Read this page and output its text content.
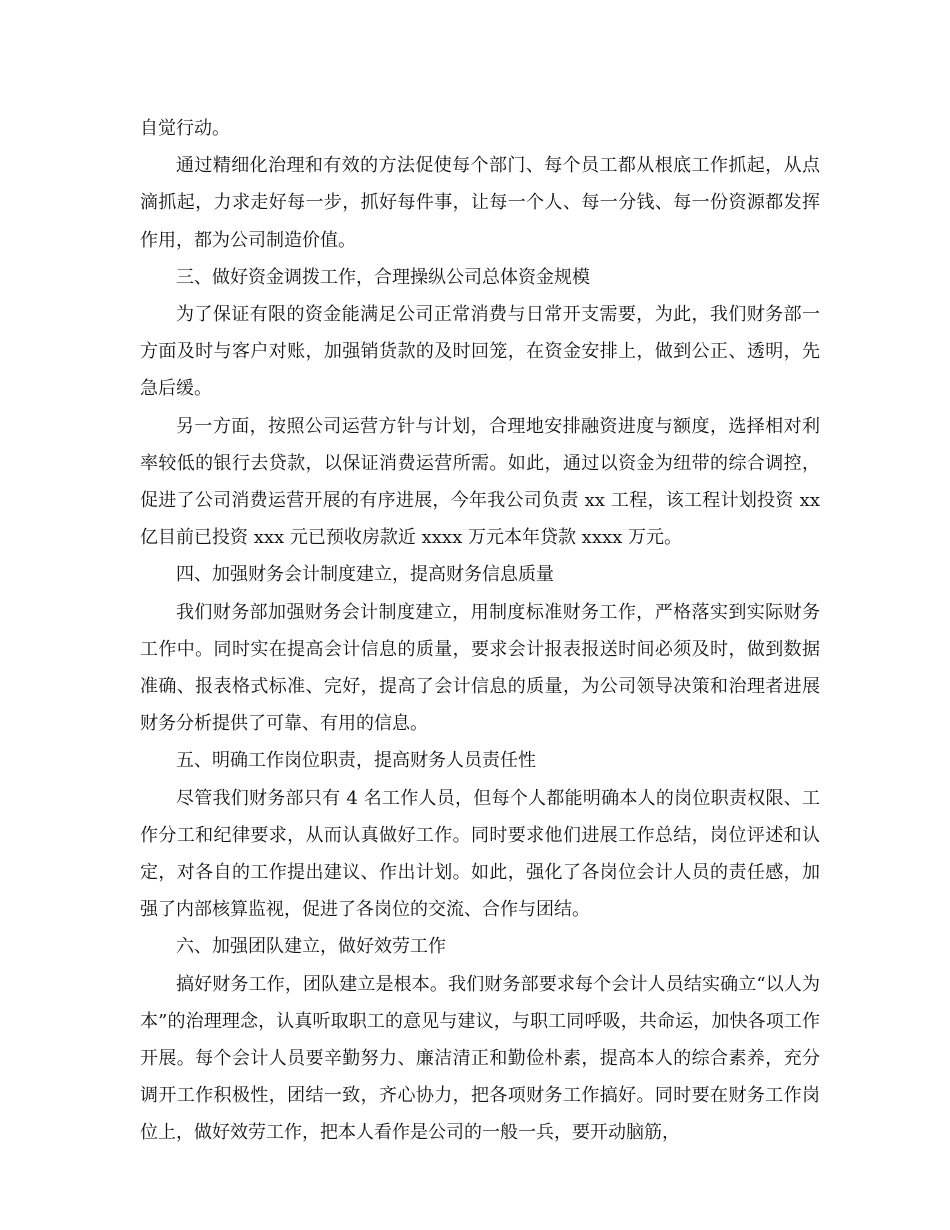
自觉行动。

通过精细化治理和有效的方法促使每个部门、每个员工都从根底工作抓起，从点滴抓起，力求走好每一步，抓好每件事，让每一个人、每一分钱、每一份资源都发挥作用，都为公司制造价值。

三、做好资金调拨工作，合理操纵公司总体资金规模

为了保证有限的资金能满足公司正常消费与日常开支需要，为此，我们财务部一方面及时与客户对账，加强销货款的及时回笼，在资金安排上，做到公正、透明，先急后缓。

另一方面，按照公司运营方针与计划，合理地安排融资进度与额度，选择相对利率较低的银行去贷款，以保证消费运营所需。如此，通过以资金为纽带的综合调控，促进了公司消费运营开展的有序进展，今年我公司负责 xx 工程，该工程计划投资 xx 亿目前已投资 xxx 元已预收房款近 xxxx 万元本年贷款 xxxx 万元。

四、加强财务会计制度建立，提高财务信息质量

我们财务部加强财务会计制度建立，用制度标准财务工作，严格落实到实际财务工作中。同时实在提高会计信息的质量，要求会计报表报送时间必须及时，做到数据准确、报表格式标准、完好，提高了会计信息的质量，为公司领导决策和治理者进展财务分析提供了可靠、有用的信息。

五、明确工作岗位职责，提高财务人员责任性

尽管我们财务部只有 4 名工作人员，但每个人都能明确本人的岗位职责权限、工作分工和纪律要求，从而认真做好工作。同时要求他们进展工作总结，岗位评述和认定，对各自的工作提出建议、作出计划。如此，强化了各岗位会计人员的责任感，加强了内部核算监视，促进了各岗位的交流、合作与团结。

六、加强团队建立，做好效劳工作

搞好财务工作，团队建立是根本。我们财务部要求每个会计人员结实确立“以人为本”的治理理念，认真听取职工的意见与建议，与职工同呼吸，共命运，加快各项工作开展。每个会计人员要辛勤努力、廉洁清正和勤俭朴素，提高本人的综合素养，充分调开工作积极性，团结一致，齐心协力，把各项财务工作搞好。同时要在财务工作岗位上，做好效劳工作，把本人看作是公司的一般一兵，要开动脑筋，
